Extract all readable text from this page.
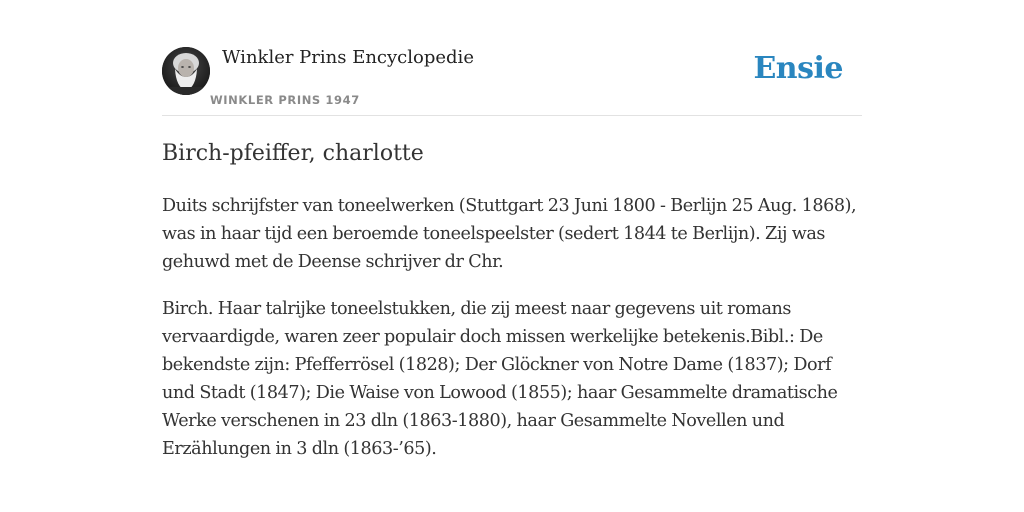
Winkler Prins Encyclopedie
WINKLER PRINS 1947
Ensie
Birch-pfeiffer, charlotte

Duits schrijfster van toneelwerken (Stuttgart 23 Juni 1800 - Berlijn 25 Aug. 1868), was in haar tijd een beroemde toneelspeelster (sedert 1844 te Berlijn). Zij was gehuwd met de Deense schrijver dr Chr.

Birch. Haar talrijke toneelstukken, die zij meest naar gegevens uit romans vervaardigde, waren zeer populair doch missen werkelijke betekenis.Bibl.: De bekendste zijn: Pfefferrösel (1828); Der Glöckner von Notre Dame (1837); Dorf und Stadt (1847); Die Waise von Lowood (1855); haar Gesammelte dramatische Werke verschenen in 23 dln (1863-1880), haar Gesammelte Novellen und Erzählungen in 3 dln (1863-’65).
